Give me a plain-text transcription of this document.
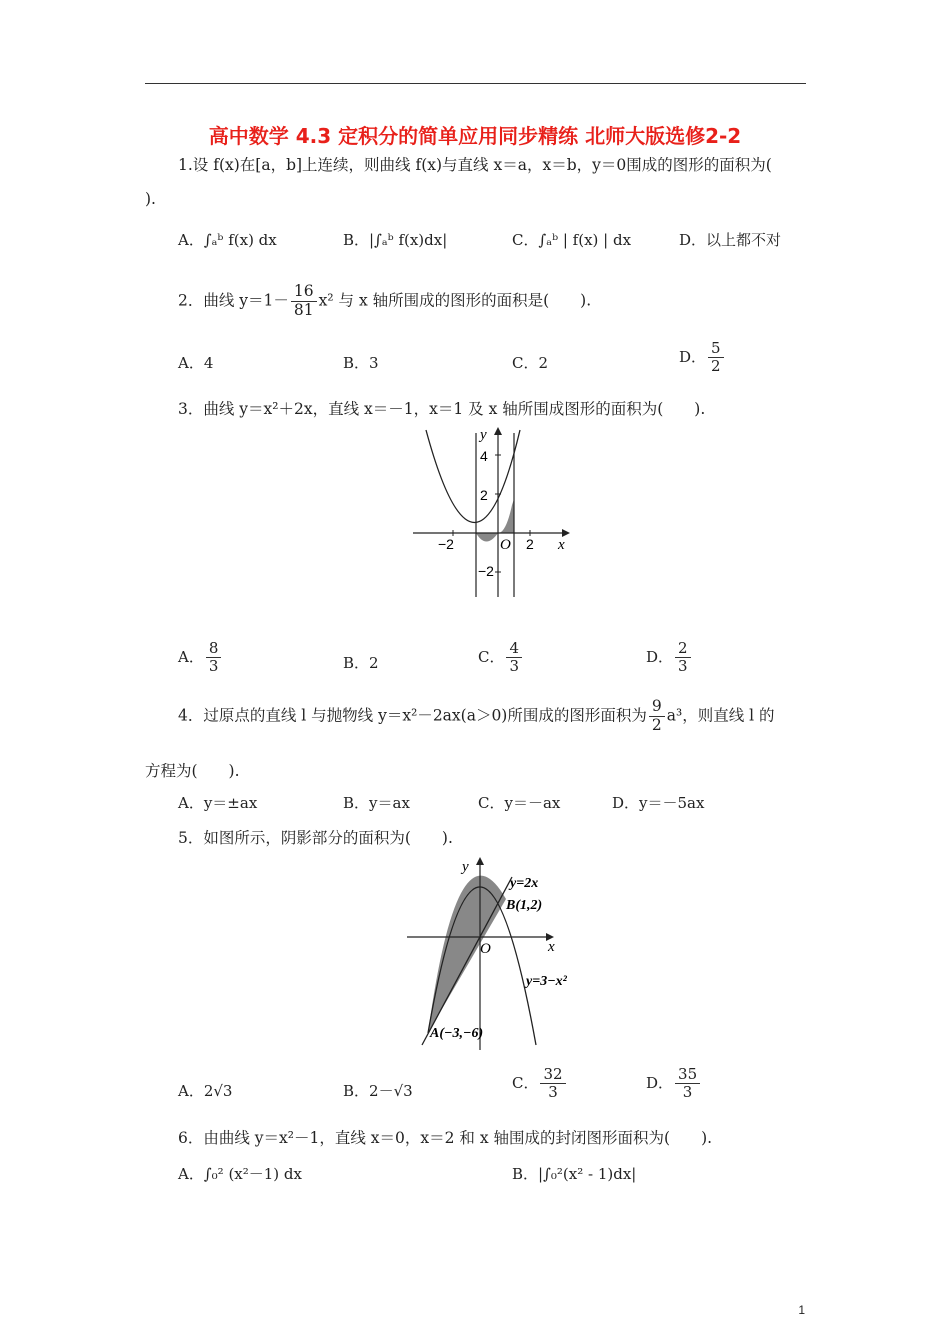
高中数学 4.3 定积分的简单应用同步精练 北师大版选修2-2
1.设 f(x)在[a，b]上连续，则曲线 f(x)与直线 x＝a，x＝b，y＝0围成的图形的面积为(
).
A．∫ₐᵇ f(x) dx	B．|∫ₐᵇ f(x)dx|	C．∫ₐᵇ | f(x) | dx	D．以上都不对
2．曲线 $y=1- \frac{16}{81} x^2$ 与 x 轴所围成的图形的面积是(　　).
A．4	B．3	C．2	D． $\frac{5}{2}$
3．曲线 y＝x²＋2x，直线 x＝－1，x＝1 及 x 轴所围成图形的面积为(　　).
y
4
2
−2
−2	O 2 x
A． $\frac{8}{3}$	B．2	C． $\frac{4}{3}$	D． $\frac{2}{3}$
4．过原点的直线 l 与抛物线 y＝x²－2ax(a＞0)所围成的图形面积为 $\frac{9}{2} a^3$，则直线 l 的
方程为(　　).
A．y＝±ax	B．y＝ax	C．y＝－ax	D．y＝－5ax
5．如图所示，阴影部分的面积为(　　).
y
x
O
y=2x
B(1,2)
y=3−x²
A(−3,−6)
A．2√3	B．2－√3	C． $\frac{32}{3}$	D． $\frac{35}{3}$
6．由曲线 y＝x²－1，直线 x＝0，x＝2 和 x 轴围成的封闭图形面积为(　　).
A．∫₀² (x²－1) dx	B．|∫₀²(x² - 1)dx|
1
